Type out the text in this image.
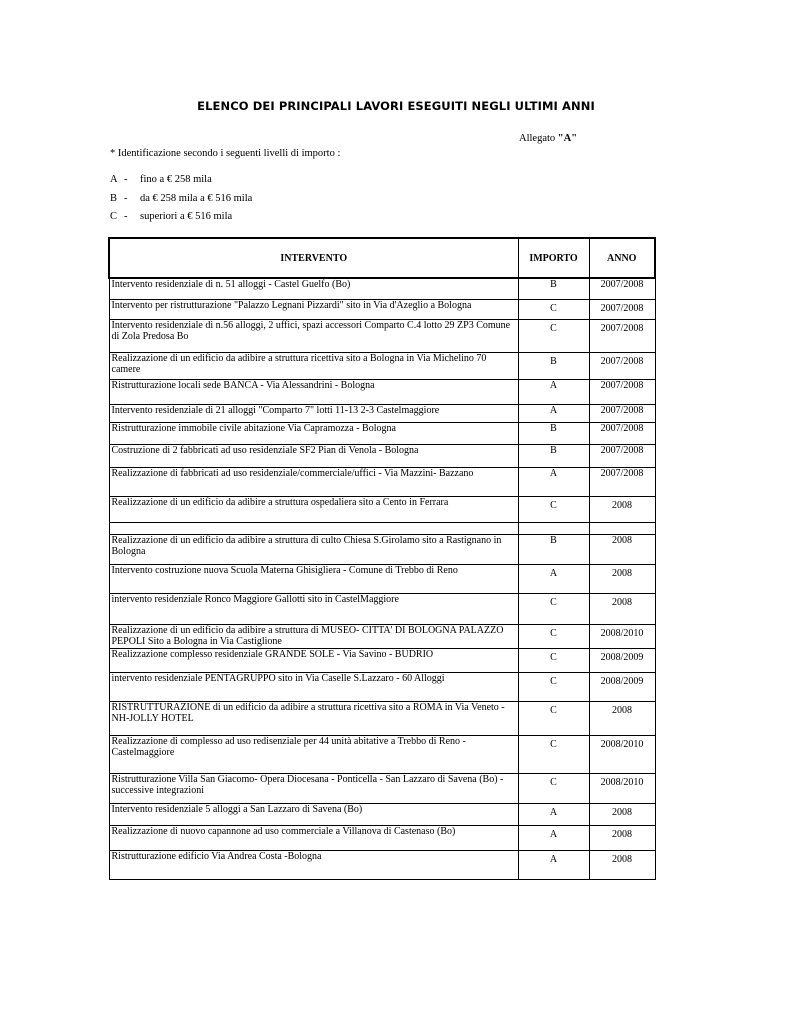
ELENCO DEI PRINCIPALI LAVORI ESEGUITI NEGLI ULTIMI ANNI
Allegato "A"
* Identificazione secondo i seguenti livelli di importo :
A - fino a € 258 mila
B - da € 258 mila a € 516 mila
C - superiori a € 516 mila
INTERVENTO	IMPORTO	ANNO
Intervento residenziale di n. 51 alloggi - Castel Guelfo (Bo)	B	2007/2008
Intervento per ristrutturazione "Palazzo Legnani Pizzardi" sito in Via d'Azeglio a Bologna	C	2007/2008
Intervento residenziale di n.56 alloggi, 2 uffici, spazi accessori Comparto C.4 lotto 29 ZP3 Comune di Zola Predosa Bo	C	2007/2008
Realizzazione di un edificio da adibire a struttura ricettiva sito a Bologna in Via Michelino 70 camere	B	2007/2008
Ristrutturazione locali sede BANCA - Via Alessandrini - Bologna	A	2007/2008
Intervento residenziale di 21 alloggi "Comparto 7" lotti 11-13 2-3 Castelmaggiore	A	2007/2008
Ristrutturazione immobile civile abitazione Via Capramozza - Bologna	B	2007/2008
Costruzione di 2 fabbricati ad uso residenziale SF2 Pian di Venola - Bologna	B	2007/2008
Realizzazione di fabbricati ad uso residenziale/commerciale/uffici - Via Mazzini- Bazzano	A	2007/2008
Realizzazione di un edificio da adibire a struttura ospedaliera sito a Cento in Ferrara	C	2008

Realizzazione di un edificio da adibire a struttura di culto Chiesa S.Girolamo sito a Rastignano in Bologna	B	2008
Intervento costruzione nuova Scuola Materna Ghisigliera - Comune di Trebbo di Reno	A	2008
intervento residenziale Ronco Maggiore Gallotti sito in CastelMaggiore	C	2008
Realizzazione di un edificio da adibire a struttura di MUSEO- CITTA' DI BOLOGNA PALAZZO PEPOLI Sito a Bologna in Via Castiglione	C	2008/2010
Realizzazione complesso residenziale GRANDE SOLE - Via Savino - BUDRIO	C	2008/2009
intervento residenziale PENTAGRUPPO sito in Via Caselle S.Lazzaro - 60 Alloggi	C	2008/2009
RISTRUTTURAZIONE di un edificio da adibire a struttura ricettiva sito a ROMA in Via Veneto - NH-JOLLY HOTEL	C	2008
Realizzazione di complesso ad uso redisenziale per 44 unità abitative a Trebbo di Reno - Castelmaggiore	C	2008/2010
Ristrutturazione Villa San Giacomo- Opera Diocesana - Ponticella - San Lazzaro di Savena (Bo) -successive integrazioni	C	2008/2010
Intervento residenziale 5 alloggi a San Lazzaro di Savena (Bo)	A	2008
Realizzazione di nuovo capannone ad uso commerciale a Villanova di Castenaso (Bo)	A	2008
Ristrutturazione edificio Via Andrea Costa -Bologna	A	2008
